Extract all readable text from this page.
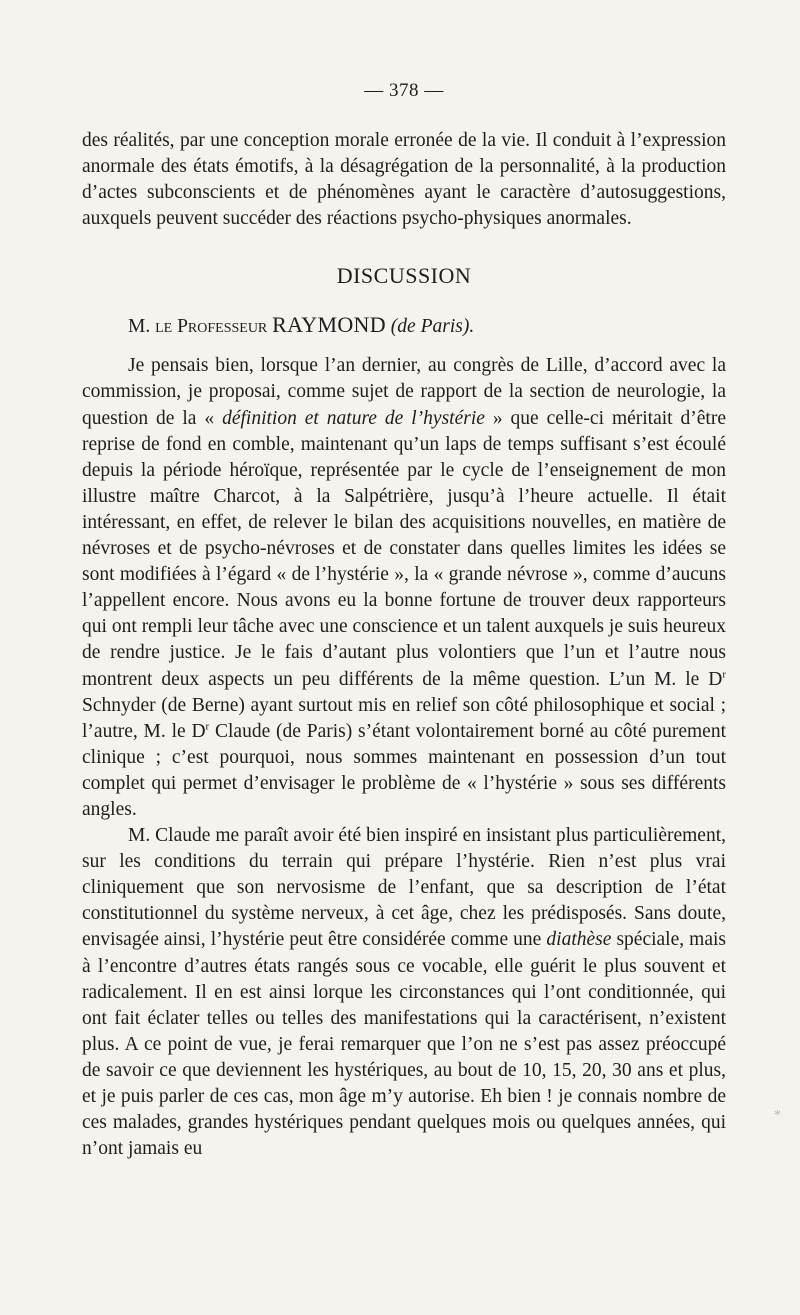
— 378 —

des réalités, par une conception morale erronée de la vie. Il conduit à l’expression anormale des états émotifs, à la désagrégation de la personnalité, à la production d’actes subconscients et de phénomènes ayant le caractère d’autosuggestions, auxquels peuvent succéder des réactions psycho-physiques anormales.

DISCUSSION
M. le Professeur RAYMOND (de Paris).

Je pensais bien, lorsque l’an dernier, au congrès de Lille, d’accord avec la commission, je proposai, comme sujet de rapport de la section de neurologie, la question de la « définition et nature de l’hystérie » que celle-ci méritait d’être reprise de fond en comble, maintenant qu’un laps de temps suffisant s’est écoulé depuis la période héroïque, représentée par le cycle de l’enseignement de mon illustre maître Charcot, à la Salpétrière, jusqu’à l’heure actuelle. Il était intéressant, en effet, de relever le bilan des acquisitions nouvelles, en matière de névroses et de psycho-névroses et de constater dans quelles limites les idées se sont modifiées à l’égard « de l’hystérie », la « grande névrose », comme d’aucuns l’appellent encore. Nous avons eu la bonne fortune de trouver deux rapporteurs qui ont rempli leur tâche avec une conscience et un talent auxquels je suis heureux de rendre justice. Je le fais d’autant plus volontiers que l’un et l’autre nous montrent deux aspects un peu différents de la même question. L’un M. le $D^r$ Schnyder (de Berne) ayant surtout mis en relief son côté philosophique et social ; l’autre, M. le $D^r$ Claude (de Paris) s’étant volontairement borné au côté purement clinique ; c’est pourquoi, nous sommes maintenant en possession d’un tout complet qui permet d’envisager le problème de « l’hystérie » sous ses différents angles.

M. Claude me paraît avoir été bien inspiré en insistant plus particulièrement, sur les conditions du terrain qui prépare l’hystérie. Rien n’est plus vrai cliniquement que son nervosisme de l’enfant, que sa description de l’état constitutionnel du système nerveux, à cet âge, chez les prédisposés. Sans doute, envisagée ainsi, l’hystérie peut être considérée comme une diathèse spéciale, mais à l’encontre d’autres états rangés sous ce vocable, elle guérit le plus souvent et radicalement. Il en est ainsi lorque les circonstances qui l’ont conditionnée, qui ont fait éclater telles ou telles des manifestations qui la caractérisent, n’existent plus. A ce point de vue, je ferai remarquer que l’on ne s’est pas assez préoccupé de savoir ce que deviennent les hystériques, au bout de 10, 15, 20, 30 ans et plus, et je puis parler de ces cas, mon âge m’y autorise. Eh bien ! je connais nombre de ces malades, grandes hystériques pendant quelques mois ou quelques années, qui n’ont jamais eu

*
